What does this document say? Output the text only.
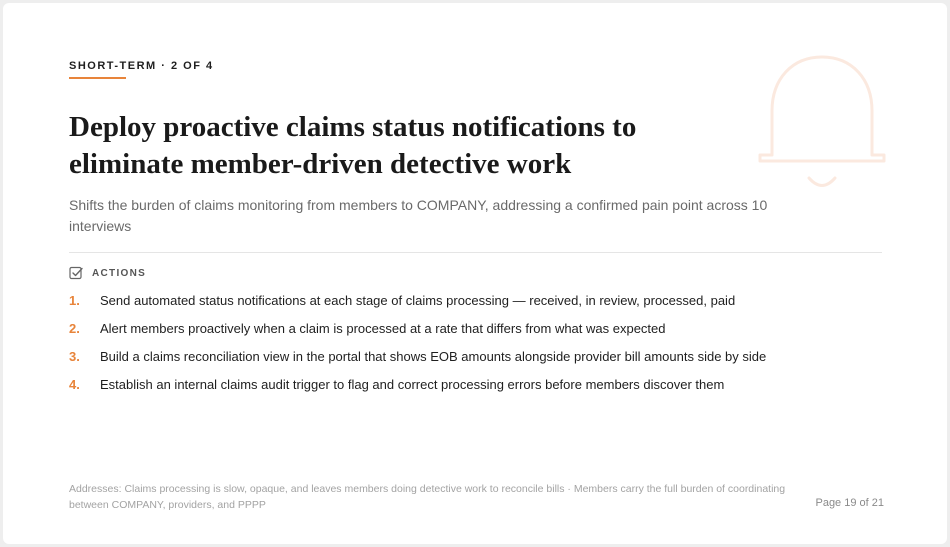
SHORT-TERM · 2 OF 4
Deploy proactive claims status notifications to eliminate member-driven detective work

Shifts the burden of claims monitoring from members to COMPANY, addressing a confirmed pain point across 10 interviews

ACTIONS
1.	Send automated status notifications at each stage of claims processing — received, in review, processed, paid
2.	Alert members proactively when a claim is processed at a rate that differs from what was expected
3.	Build a claims reconciliation view in the portal that shows EOB amounts alongside provider bill amounts side by side
4.	Establish an internal claims audit trigger to flag and correct processing errors before members discover them

Addresses: Claims processing is slow, opaque, and leaves members doing detective work to reconcile bills · Members carry the full burden of coordinating between COMPANY, providers, and PPPP	Page 19 of 21
